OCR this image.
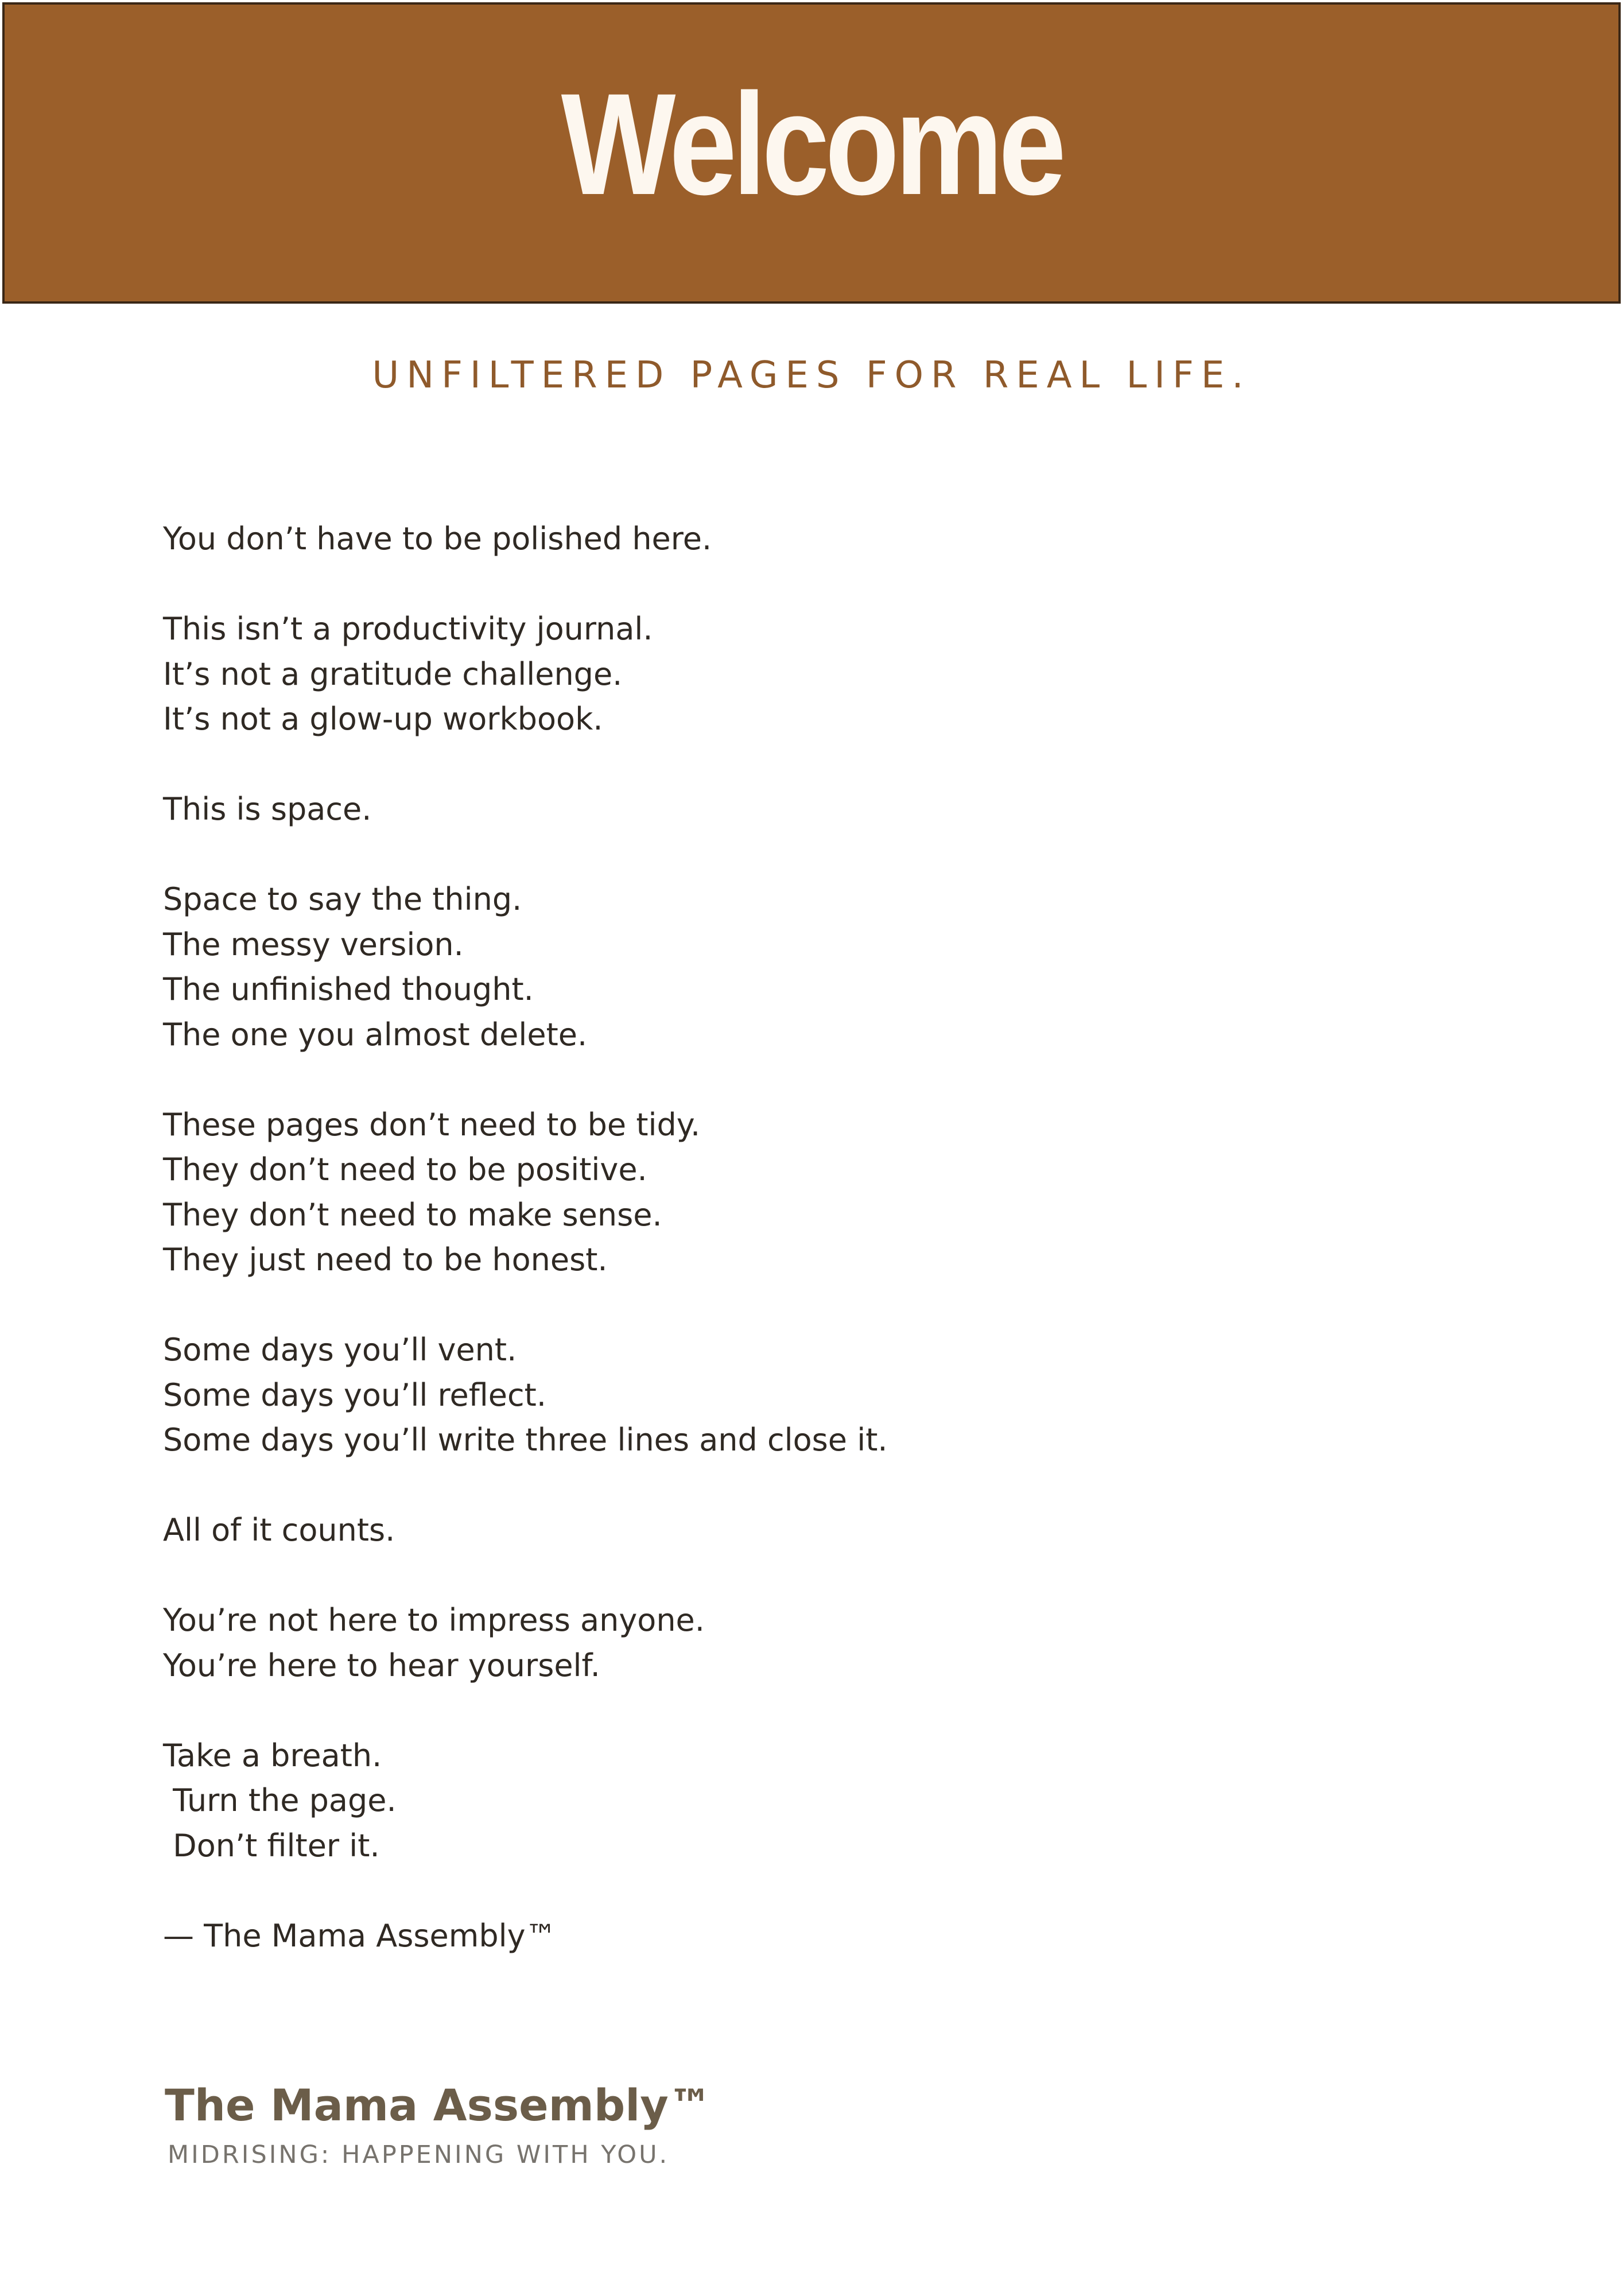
Welcome
UNFILTERED PAGES FOR REAL LIFE.
You don’t have to be polished here.
This isn’t a productivity journal.
It’s not a gratitude challenge.
It’s not a glow-up workbook.
This is space.
Space to say the thing.
The messy version.
The unfinished thought.
The one you almost delete.
These pages don’t need to be tidy.
They don’t need to be positive.
They don’t need to make sense.
They just need to be honest.
Some days you’ll vent.
Some days you’ll reflect.
Some days you’ll write three lines and close it.
All of it counts.
You’re not here to impress anyone.
You’re here to hear yourself.
Take a breath.
Turn the page.
Don’t filter it.
— The Mama Assembly™
The Mama Assembly™
MIDRISING: HAPPENING WITH YOU.
